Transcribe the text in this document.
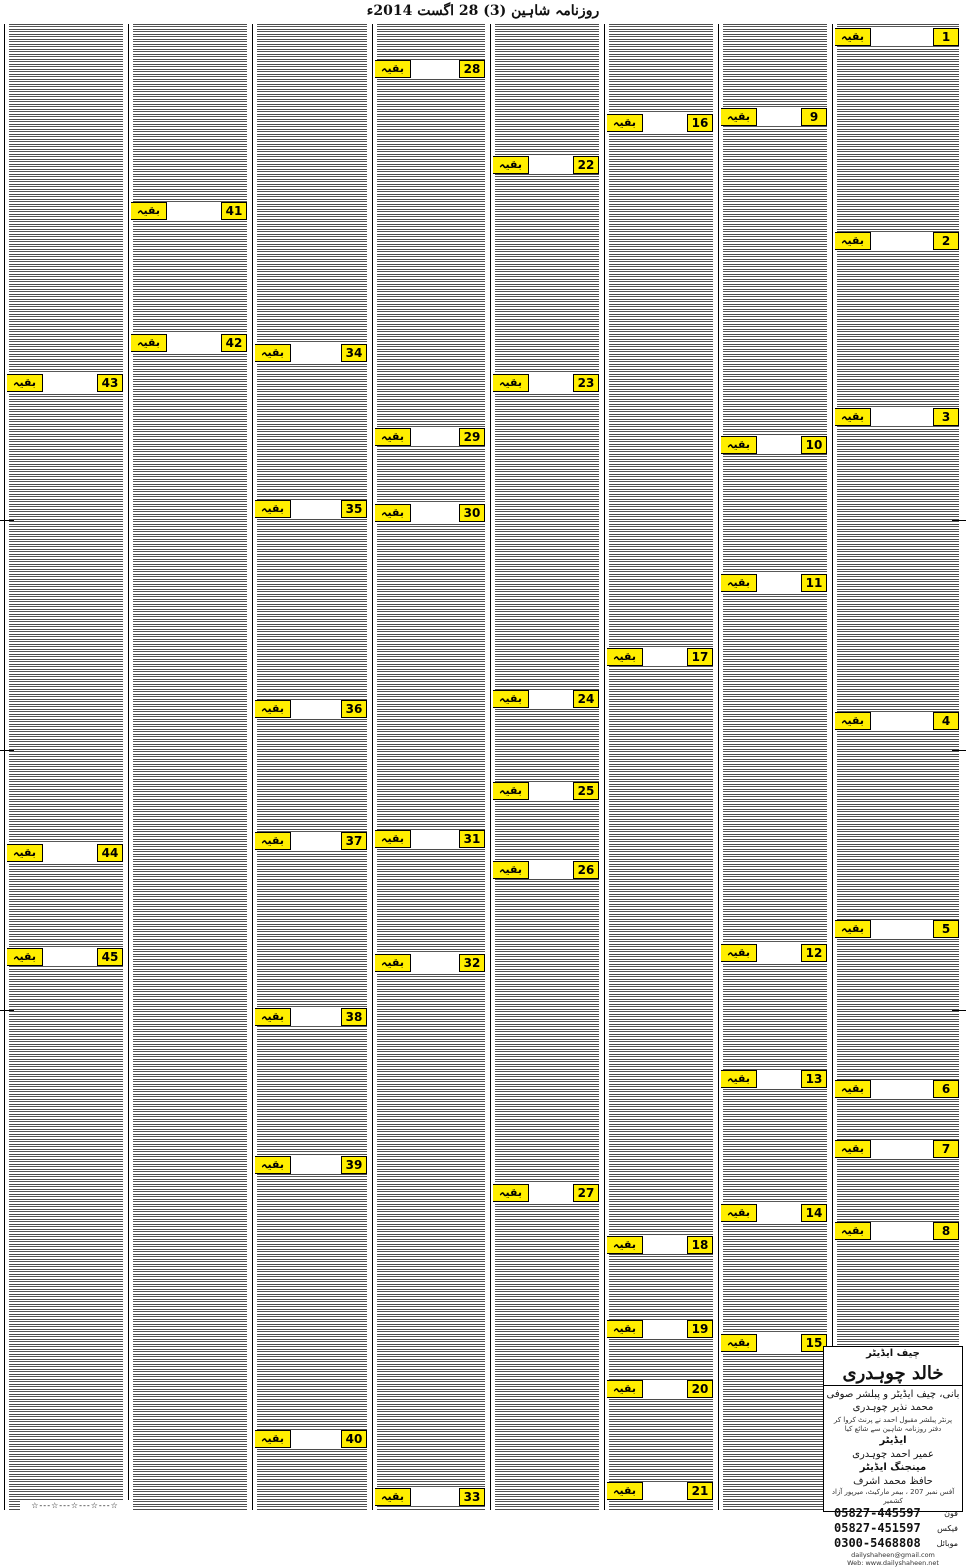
روزنامہ شاہین (3) 28 اگست 2014ء
1
بقیہ
2
بقیہ
3
بقیہ
4
بقیہ
5
بقیہ
6
بقیہ
7
بقیہ
8
بقیہ
9
بقیہ
10
بقیہ
11
بقیہ
12
بقیہ
13
بقیہ
14
بقیہ
15
بقیہ
16
بقیہ
17
بقیہ
18
بقیہ
19
بقیہ
20
بقیہ
21
بقیہ
22
بقیہ
23
بقیہ
24
بقیہ
25
بقیہ
26
بقیہ
27
بقیہ
28
بقیہ
29
بقیہ
30
بقیہ
31
بقیہ
32
بقیہ
33
بقیہ
34
بقیہ
35
بقیہ
36
بقیہ
37
بقیہ
38
بقیہ
39
بقیہ
40
بقیہ
41
بقیہ
42
بقیہ
43
بقیہ
44
بقیہ
45
بقیہ
چیف ایڈیٹر
خالد چوہدری
بانی، چیف ایڈیٹر و پبلشر صوفی محمد نذیر چوہدری
پرنٹر پبلشر مقبول احمد نے پرنٹ کروا کر دفتر روزنامہ شاہین سے شائع کیا
ایڈیٹر
عمیر احمد چوہدری
مینجنگ ایڈیٹر
حافظ محمد اشرف
آفس نمبر 207 ، بیمر مارکیٹ، میرپور آزاد کشمیر
05827-445597	فون
05827-451597 فیکس
0300-5468808 موبائل
dailyshaheen@gmail.com
Web: www.dailyshaheen.net
☆---☆---☆---☆---☆
